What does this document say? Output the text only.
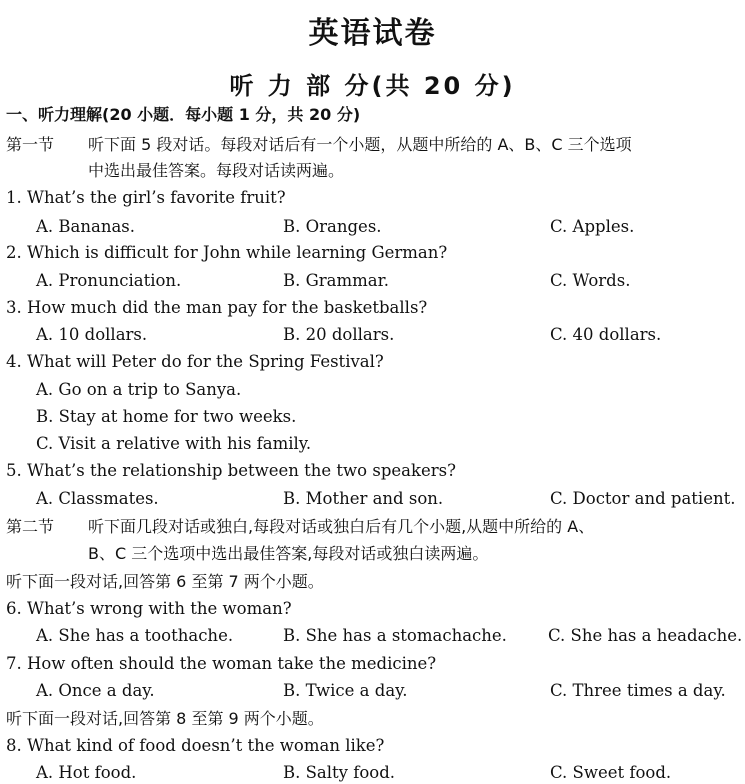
英语试卷
听 力 部 分(共 20 分)
一、听力理解(20 小题．每小题 1 分，共 20 分)
第一节 听下面 5 段对话。每段对话后有一个小题，从题中所给的 A、B、C 三个选项
中选出最佳答案。每段对话读两遍。
1. What’s the girl’s favorite fruit?
A. Bananas.	B. Oranges.	C. Apples.
2. Which is difficult for John while learning German?
A. Pronunciation.	B. Grammar.	C. Words.
3. How much did the man pay for the basketballs?
A. 10 dollars.	B. 20 dollars.	C. 40 dollars.
4. What will Peter do for the Spring Festival?
A. Go on a trip to Sanya.
B. Stay at home for two weeks.
C. Visit a relative with his family.
5. What’s the relationship between the two speakers?
A. Classmates.	B. Mother and son.	C. Doctor and patient.
第二节 听下面几段对话或独白,每段对话或独白后有几个小题,从题中所给的 A、
B、C 三个选项中选出最佳答案,每段对话或独白读两遍。
听下面一段对话,回答第 6 至第 7 两个小题。
6. What’s wrong with the woman?
A. She has a toothache.	B. She has a stomachache. C. She has a headache.
7. How often should the woman take the medicine?
A. Once a day.	B. Twice a day.	C. Three times a day.
听下面一段对话,回答第 8 至第 9 两个小题。
8. What kind of food doesn’t the woman like?
A. Hot food.	B. Salty food.	C. Sweet food.
